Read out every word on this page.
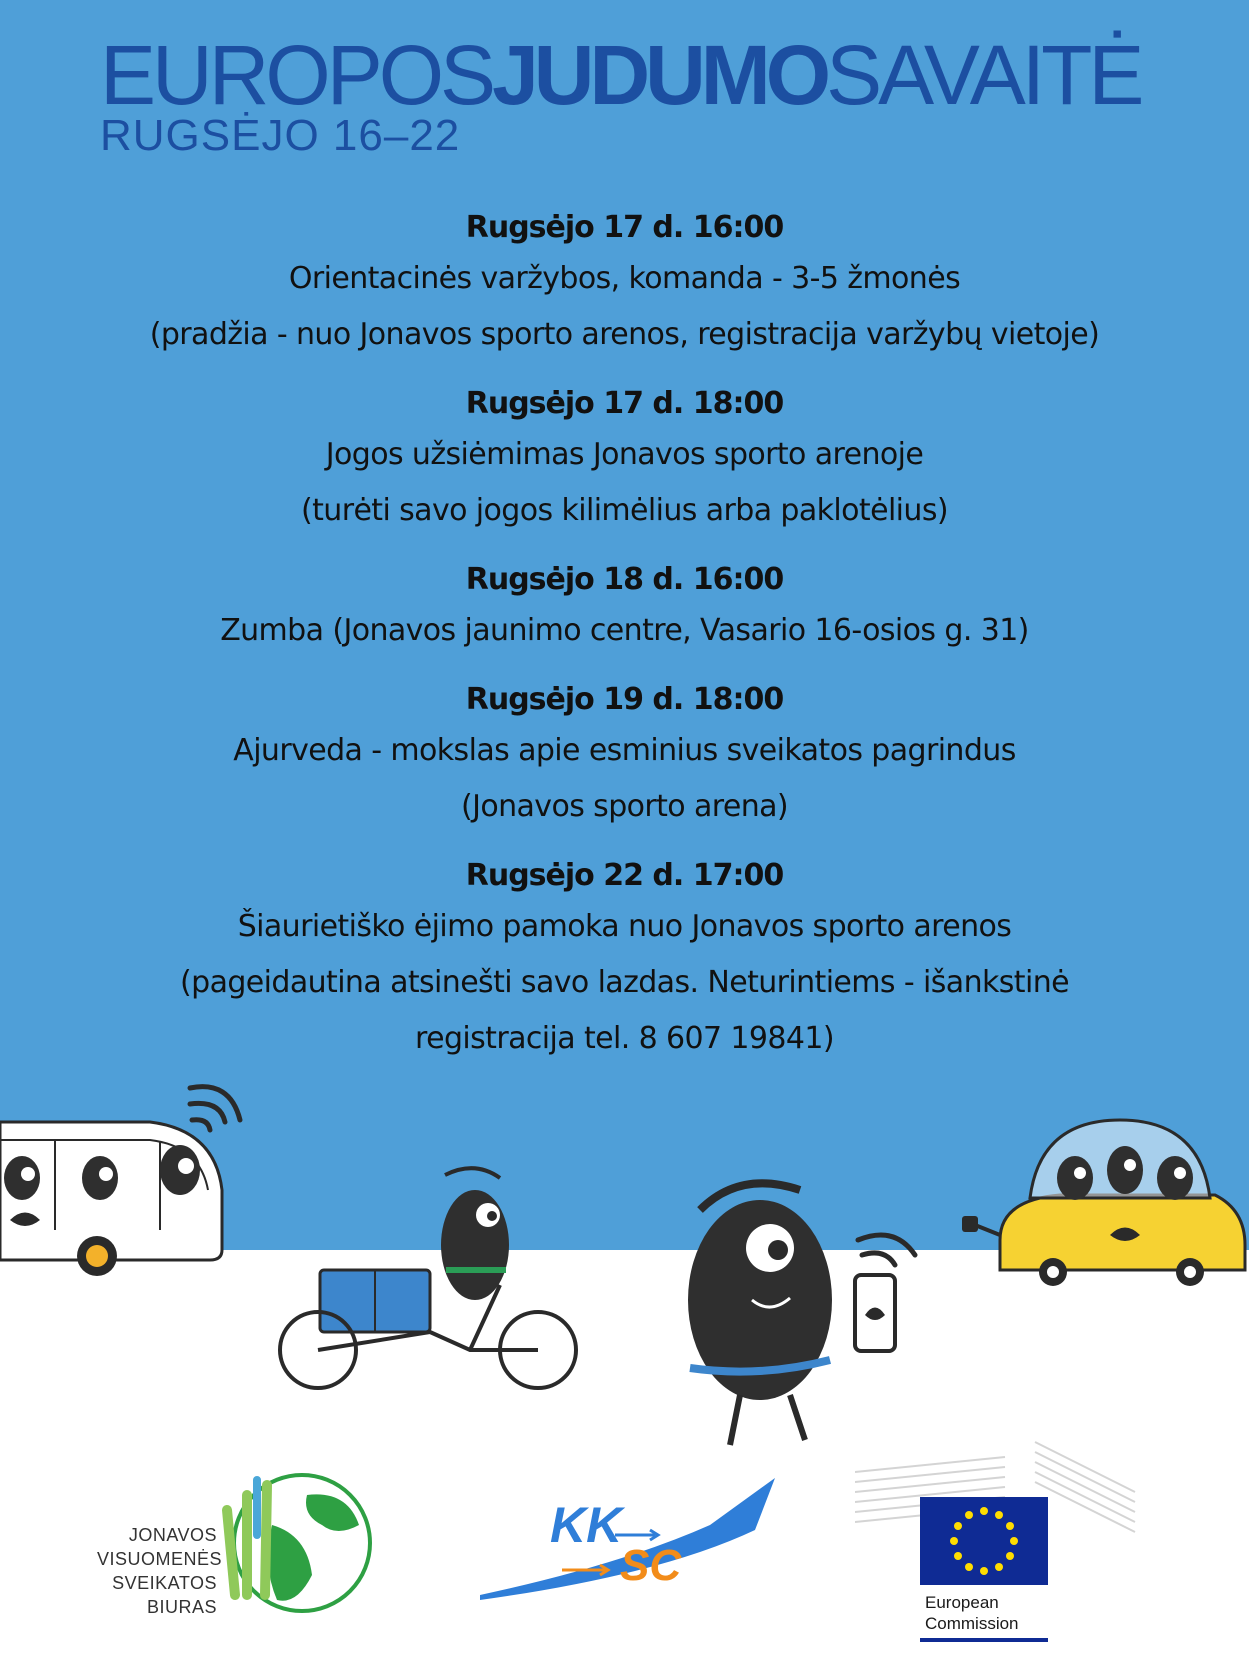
EUROPOSJUDUMOSAVAITĖ
RUGSĖJO 16–22
Rugsėjo 17 d. 16:00
Orientacinės varžybos, komanda - 3-5 žmonės
(pradžia - nuo Jonavos sporto arenos, registracija varžybų vietoje)
Rugsėjo 17 d. 18:00
Jogos užsiėmimas Jonavos sporto arenoje
(turėti savo jogos kilimėlius arba paklotėlius)
Rugsėjo 18 d. 16:00
Zumba (Jonavos jaunimo centre, Vasario 16-osios g. 31)
Rugsėjo 19 d. 18:00
Ajurveda - mokslas apie esminius sveikatos pagrindus
(Jonavos sporto arena)
Rugsėjo 22 d. 17:00
Šiaurietiško ėjimo pamoka nuo Jonavos sporto arenos
(pageidautina atsinešti savo lazdas. Neturintiems - išankstinė
registracija tel. 8 607 19841)
JONAVOS
VISUOMENĖS
SVEIKATOS
BIURAS
KK
SC
European
Commission
